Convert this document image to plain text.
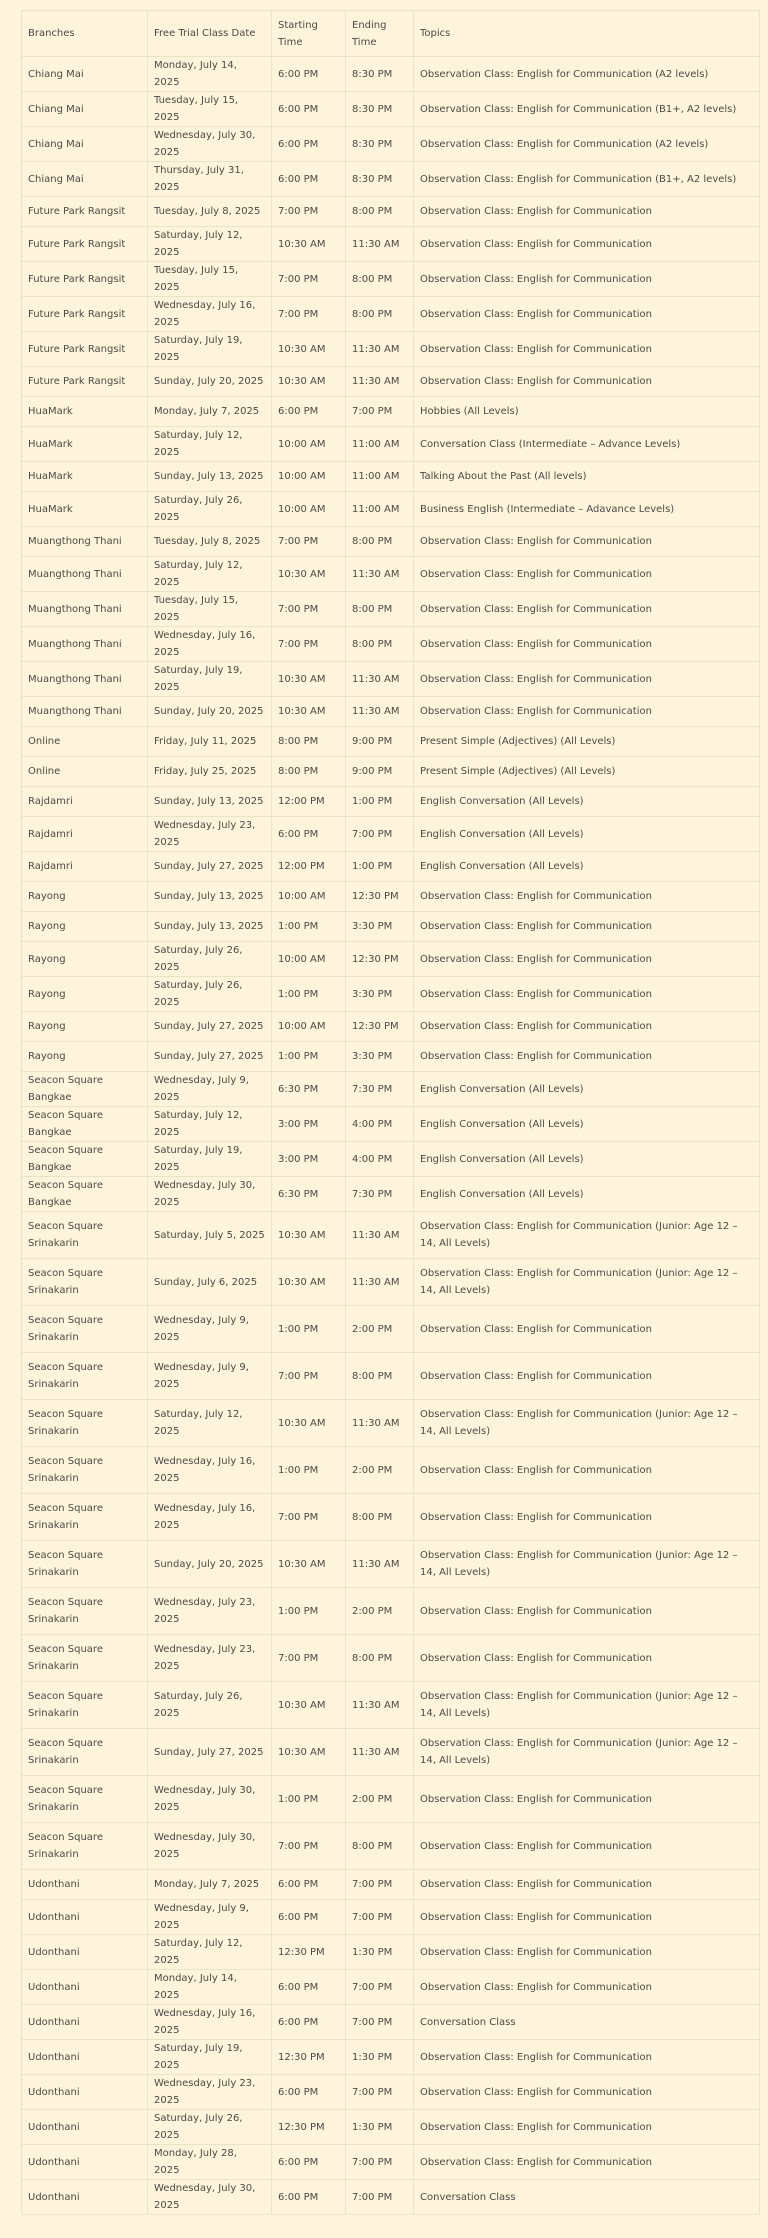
Branches	Free Trial Class Date	Starting Time	Ending Time	Topics
Chiang Mai	Monday, July 14, 2025	6:00 PM	8:30 PM	Observation Class: English for Communication (A2 levels)
Chiang Mai	Tuesday, July 15, 2025	6:00 PM	8:30 PM	Observation Class: English for Communication (B1+, A2 levels)
Chiang Mai	Wednesday, July 30, 2025	6:00 PM	8:30 PM	Observation Class: English for Communication (A2 levels)
Chiang Mai	Thursday, July 31, 2025	6:00 PM	8:30 PM	Observation Class: English for Communication (B1+, A2 levels)
Future Park Rangsit	Tuesday, July 8, 2025	7:00 PM	8:00 PM	Observation Class: English for Communication
Future Park Rangsit	Saturday, July 12, 2025	10:30 AM	11:30 AM	Observation Class: English for Communication
Future Park Rangsit	Tuesday, July 15, 2025	7:00 PM	8:00 PM	Observation Class: English for Communication
Future Park Rangsit	Wednesday, July 16, 2025	7:00 PM	8:00 PM	Observation Class: English for Communication
Future Park Rangsit	Saturday, July 19, 2025	10:30 AM	11:30 AM	Observation Class: English for Communication
Future Park Rangsit	Sunday, July 20, 2025	10:30 AM	11:30 AM	Observation Class: English for Communication
HuaMark	Monday, July 7, 2025	6:00 PM	7:00 PM	Hobbies (All Levels)
HuaMark	Saturday, July 12, 2025	10:00 AM	11:00 AM	Conversation Class (Intermediate – Advance Levels)
HuaMark	Sunday, July 13, 2025	10:00 AM	11:00 AM	Talking About the Past (All levels)
HuaMark	Saturday, July 26, 2025	10:00 AM	11:00 AM	Business English (Intermediate – Adavance Levels)
Muangthong Thani	Tuesday, July 8, 2025	7:00 PM	8:00 PM	Observation Class: English for Communication
Muangthong Thani	Saturday, July 12, 2025	10:30 AM	11:30 AM	Observation Class: English for Communication
Muangthong Thani	Tuesday, July 15, 2025	7:00 PM	8:00 PM	Observation Class: English for Communication
Muangthong Thani	Wednesday, July 16, 2025	7:00 PM	8:00 PM	Observation Class: English for Communication
Muangthong Thani	Saturday, July 19, 2025	10:30 AM	11:30 AM	Observation Class: English for Communication
Muangthong Thani	Sunday, July 20, 2025	10:30 AM	11:30 AM	Observation Class: English for Communication
Online	Friday, July 11, 2025	8:00 PM	9:00 PM	Present Simple (Adjectives) (All Levels)
Online	Friday, July 25, 2025	8:00 PM	9:00 PM	Present Simple (Adjectives) (All Levels)
Rajdamri	Sunday, July 13, 2025	12:00 PM	1:00 PM	English Conversation (All Levels)
Rajdamri	Wednesday, July 23, 2025	6:00 PM	7:00 PM	English Conversation (All Levels)
Rajdamri	Sunday, July 27, 2025	12:00 PM	1:00 PM	English Conversation (All Levels)
Rayong	Sunday, July 13, 2025	10:00 AM	12:30 PM	Observation Class: English for Communication
Rayong	Sunday, July 13, 2025	1:00 PM	3:30 PM	Observation Class: English for Communication
Rayong	Saturday, July 26, 2025	10:00 AM	12:30 PM	Observation Class: English for Communication
Rayong	Saturday, July 26, 2025	1:00 PM	3:30 PM	Observation Class: English for Communication
Rayong	Sunday, July 27, 2025	10:00 AM	12:30 PM	Observation Class: English for Communication
Rayong	Sunday, July 27, 2025	1:00 PM	3:30 PM	Observation Class: English for Communication
Seacon Square Bangkae	Wednesday, July 9, 2025	6:30 PM	7:30 PM	English Conversation (All Levels)
Seacon Square Bangkae	Saturday, July 12, 2025	3:00 PM	4:00 PM	English Conversation (All Levels)
Seacon Square Bangkae	Saturday, July 19, 2025	3:00 PM	4:00 PM	English Conversation (All Levels)
Seacon Square Bangkae	Wednesday, July 30, 2025	6:30 PM	7:30 PM	English Conversation (All Levels)
Seacon Square Srinakarin	Saturday, July 5, 2025	10:30 AM	11:30 AM	Observation Class: English for Communication (Junior: Age 12 – 14, All Levels)
Seacon Square Srinakarin	Sunday, July 6, 2025	10:30 AM	11:30 AM	Observation Class: English for Communication (Junior: Age 12 – 14, All Levels)
Seacon Square Srinakarin	Wednesday, July 9, 2025	1:00 PM	2:00 PM	Observation Class: English for Communication
Seacon Square Srinakarin	Wednesday, July 9, 2025	7:00 PM	8:00 PM	Observation Class: English for Communication
Seacon Square Srinakarin	Saturday, July 12, 2025	10:30 AM	11:30 AM	Observation Class: English for Communication (Junior: Age 12 – 14, All Levels)
Seacon Square Srinakarin	Wednesday, July 16, 2025	1:00 PM	2:00 PM	Observation Class: English for Communication
Seacon Square Srinakarin	Wednesday, July 16, 2025	7:00 PM	8:00 PM	Observation Class: English for Communication
Seacon Square Srinakarin	Sunday, July 20, 2025	10:30 AM	11:30 AM	Observation Class: English for Communication (Junior: Age 12 – 14, All Levels)
Seacon Square Srinakarin	Wednesday, July 23, 2025	1:00 PM	2:00 PM	Observation Class: English for Communication
Seacon Square Srinakarin	Wednesday, July 23, 2025	7:00 PM	8:00 PM	Observation Class: English for Communication
Seacon Square Srinakarin	Saturday, July 26, 2025	10:30 AM	11:30 AM	Observation Class: English for Communication (Junior: Age 12 – 14, All Levels)
Seacon Square Srinakarin	Sunday, July 27, 2025	10:30 AM	11:30 AM	Observation Class: English for Communication (Junior: Age 12 – 14, All Levels)
Seacon Square Srinakarin	Wednesday, July 30, 2025	1:00 PM	2:00 PM	Observation Class: English for Communication
Seacon Square Srinakarin	Wednesday, July 30, 2025	7:00 PM	8:00 PM	Observation Class: English for Communication
Udonthani	Monday, July 7, 2025	6:00 PM	7:00 PM	Observation Class: English for Communication
Udonthani	Wednesday, July 9, 2025	6:00 PM	7:00 PM	Observation Class: English for Communication
Udonthani	Saturday, July 12, 2025	12:30 PM	1:30 PM	Observation Class: English for Communication
Udonthani	Monday, July 14, 2025	6:00 PM	7:00 PM	Observation Class: English for Communication
Udonthani	Wednesday, July 16, 2025	6:00 PM	7:00 PM	Conversation Class
Udonthani	Saturday, July 19, 2025	12:30 PM	1:30 PM	Observation Class: English for Communication
Udonthani	Wednesday, July 23, 2025	6:00 PM	7:00 PM	Observation Class: English for Communication
Udonthani	Saturday, July 26, 2025	12:30 PM	1:30 PM	Observation Class: English for Communication
Udonthani	Monday, July 28, 2025	6:00 PM	7:00 PM	Observation Class: English for Communication
Udonthani	Wednesday, July 30, 2025	6:00 PM	7:00 PM	Conversation Class
